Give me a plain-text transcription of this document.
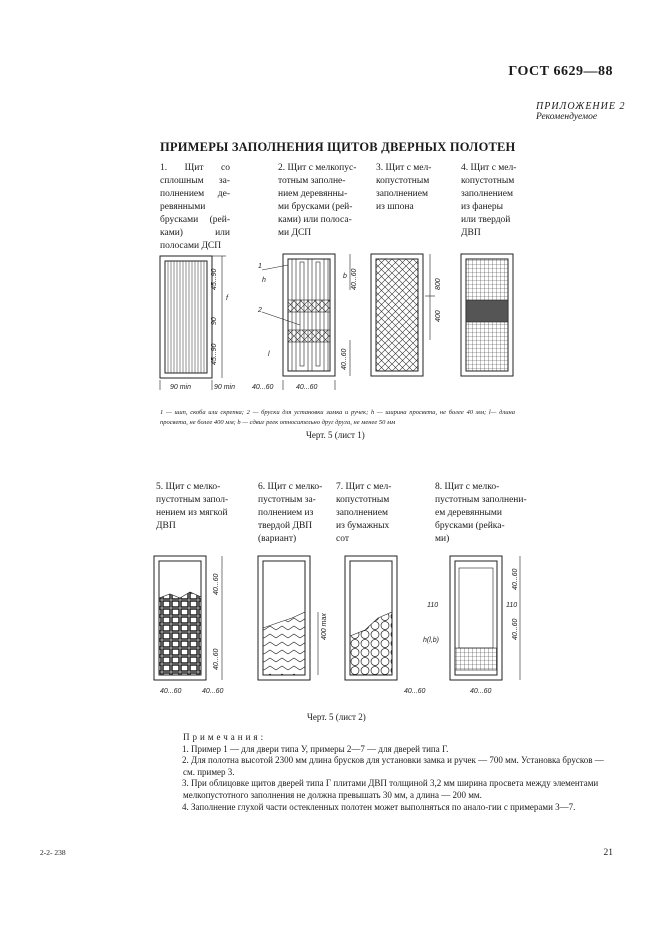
ГОСТ 6629—88
ПРИЛОЖЕНИЕ 2
Рекомендуемое
ПРИМЕРЫ ЗАПОЛНЕНИЯ ЩИТОВ ДВЕРНЫХ ПОЛОТЕН
1. Щит со
сплошным за-
полнением де-
ревянными
брусками (рей-
ками) или
полосами ДСП
2. Щит с мелкопус-
тотным заполне-
нием деревянны-
ми брусками (рей-
ками) или полоса-
ми ДСП
3. Щит с мел-
копустотным
заполнением
из шпона
4. Щит с мел-
копустотным
заполнением
из фанеры
или твердой
ДВП
45...90
f
90
45...90
90 min	90 min
1
h
b 40...60
2
l	40...60
40...60	40...60
800
400
40...60
40...60
40...60	40...60
400 max
110	110
h(l,b)
40...60
40...60
40...60	40...60
1 — шип, скоба или скрепка; 2 — бруски для установки замка и ручек; h — ширина просвета, не более 40 мм; l— длина просвета, не более 400 мм; b — сдвиг реек относительно друг друга, не менее 50 мм
Черт. 5 (лист 1)
5. Щит с мелко-
пустотным запол-
нением из мягкой
ДВП
6. Щит с мелко-
пустотным за-
полнением из
твердой ДВП
(вариант)
7. Щит с мел-
копустотным
заполнением
из бумажных
сот
8. Щит с мелко-
пустотным заполнени-
ем деревянными
брусками (рейка-
ми)
Черт. 5 (лист 2)
Примечания:

1. Пример 1 — для двери типа У, примеры 2—7 — для дверей типа Г.

2. Для полотна высотой 2300 мм длина брусков для установки замка и ручек — 700 мм. Установка брусков — см. пример 3.

3. При облицовке щитов дверей типа Г плитами ДВП толщиной 3,2 мм ширина просвета между элементами мелкопустотного заполнения не должна превышать 30 мм, а длина — 200 мм.

4. Заполнение глухой части остекленных полотен может выполняться по анало-гии с примерами 3—7.

2-2- 238	21
